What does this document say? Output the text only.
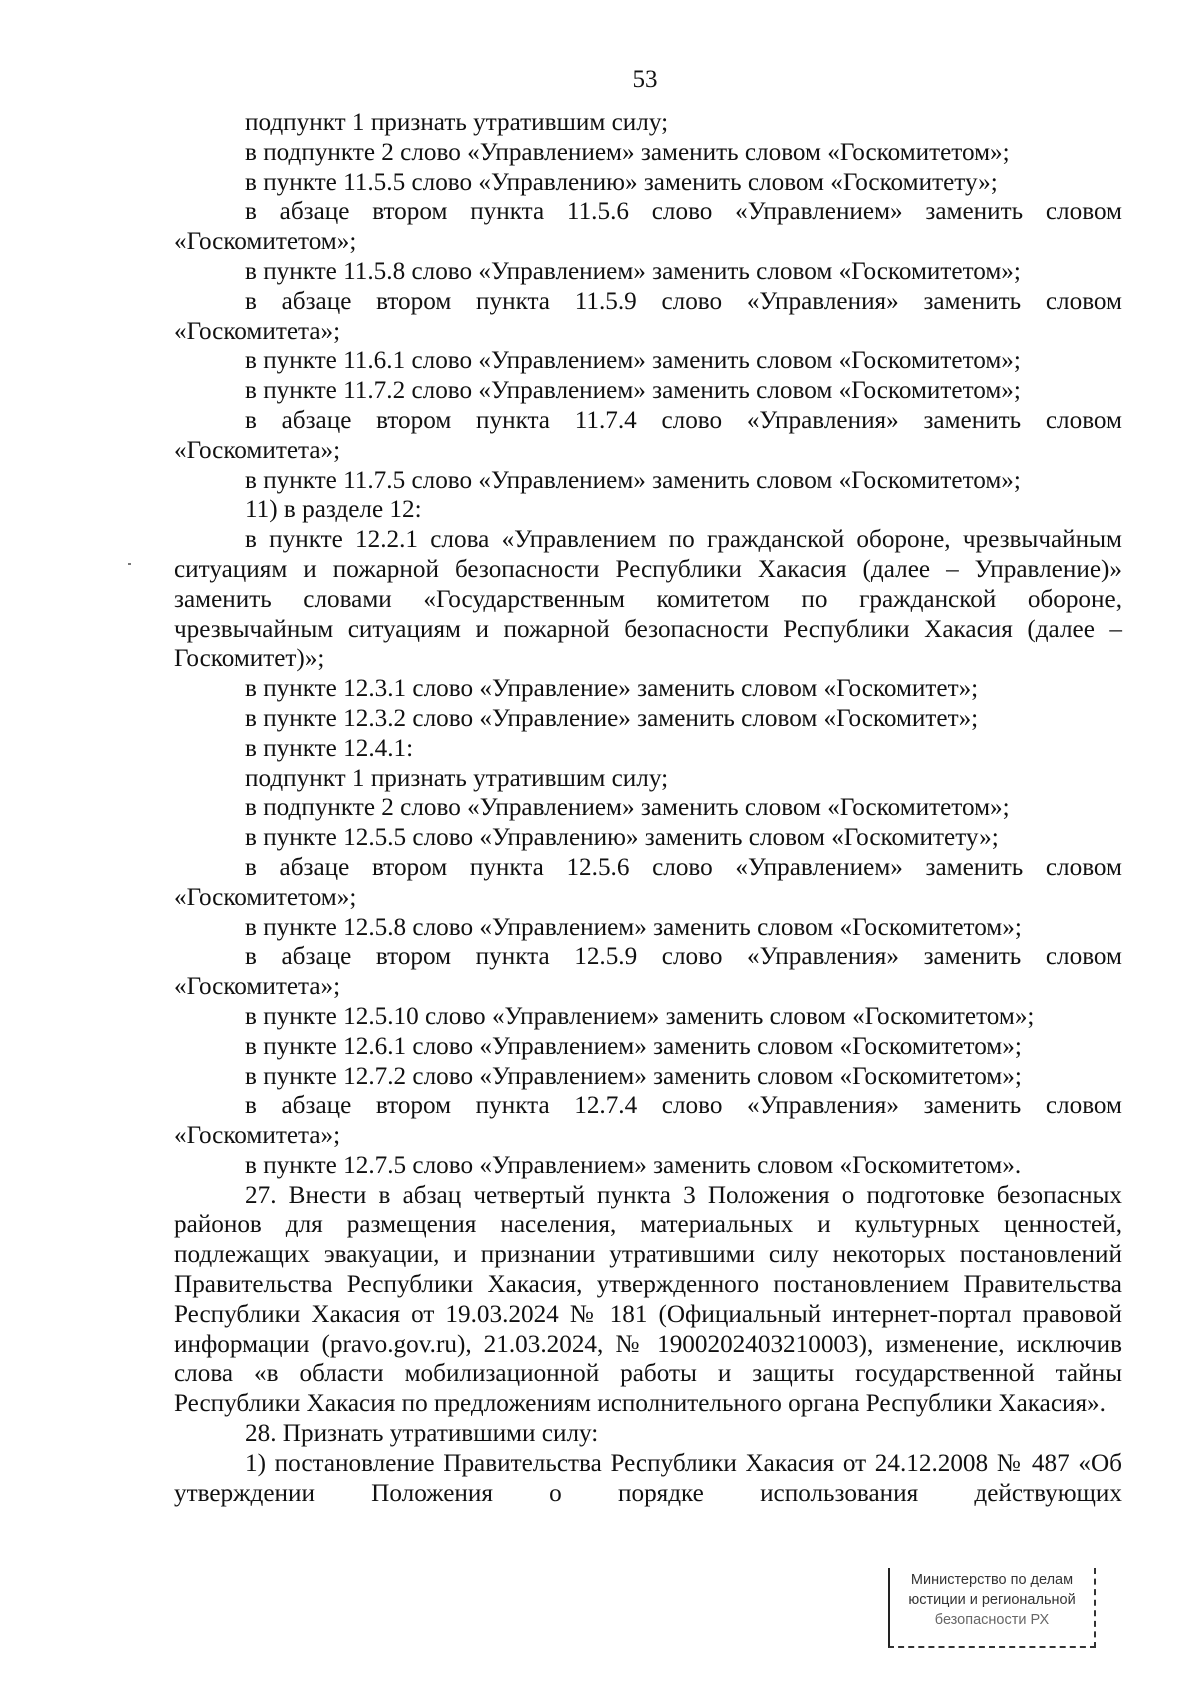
53

подпункт 1 признать утратившим силу;

в подпункте 2 слово «Управлением» заменить словом «Госкомитетом»;

в пункте 11.5.5 слово «Управлению» заменить словом «Госкомитету»;

в абзаце втором пункта 11.5.6 слово «Управлением» заменить словом «Госкомитетом»;

в пункте 11.5.8 слово «Управлением» заменить словом «Госкомитетом»;

в абзаце втором пункта 11.5.9 слово «Управления» заменить словом «Госкомитета»;

в пункте 11.6.1 слово «Управлением» заменить словом «Госкомитетом»;

в пункте 11.7.2 слово «Управлением» заменить словом «Госкомитетом»;

в абзаце втором пункта 11.7.4 слово «Управления» заменить словом «Госкомитета»;

в пункте 11.7.5 слово «Управлением» заменить словом «Госкомитетом»;

11) в разделе 12:

в пункте 12.2.1 слова «Управлением по гражданской обороне, чрезвычайным ситуациям и пожарной безопасности Республики Хакасия (далее – Управление)» заменить словами «Государственным комитетом по гражданской обороне, чрезвычайным ситуациям и пожарной безопасности Республики Хакасия (далее – Госкомитет)»;

в пункте 12.3.1 слово «Управление» заменить словом «Госкомитет»;

в пункте 12.3.2 слово «Управление» заменить словом «Госкомитет»;

в пункте 12.4.1:

подпункт 1 признать утратившим силу;

в подпункте 2 слово «Управлением» заменить словом «Госкомитетом»;

в пункте 12.5.5 слово «Управлению» заменить словом «Госкомитету»;

в абзаце втором пункта 12.5.6 слово «Управлением» заменить словом «Госкомитетом»;

в пункте 12.5.8 слово «Управлением» заменить словом «Госкомитетом»;

в абзаце втором пункта 12.5.9 слово «Управления» заменить словом «Госкомитета»;

в пункте 12.5.10 слово «Управлением» заменить словом «Госкомитетом»;

в пункте 12.6.1 слово «Управлением» заменить словом «Госкомитетом»;

в пункте 12.7.2 слово «Управлением» заменить словом «Госкомитетом»;

в абзаце втором пункта 12.7.4 слово «Управления» заменить словом «Госкомитета»;

в пункте 12.7.5 слово «Управлением» заменить словом «Госкомитетом».

27. Внести в абзац четвертый пункта 3 Положения о подготовке безопасных районов для размещения населения, материальных и культурных ценностей, подлежащих эвакуации, и признании утратившими силу некоторых постановлений Правительства Республики Хакасия, утвержденного постановлением Правительства Республики Хакасия от 19.03.2024 № 181 (Официальный интернет-портал правовой информации (pravo.gov.ru), 21.03.2024, № 1900202403210003), изменение, исключив слова «в области мобилизационной работы и защиты государственной тайны Республики Хакасия по предложениям исполнительного органа Республики Хакасия».

28. Признать утратившими силу:

1) постановление Правительства Республики Хакасия от 24.12.2008 № 487 «Об утверждении Положения о порядке использования действующих

Министерство по делам
юстиции и региональной
безопасности РХ
